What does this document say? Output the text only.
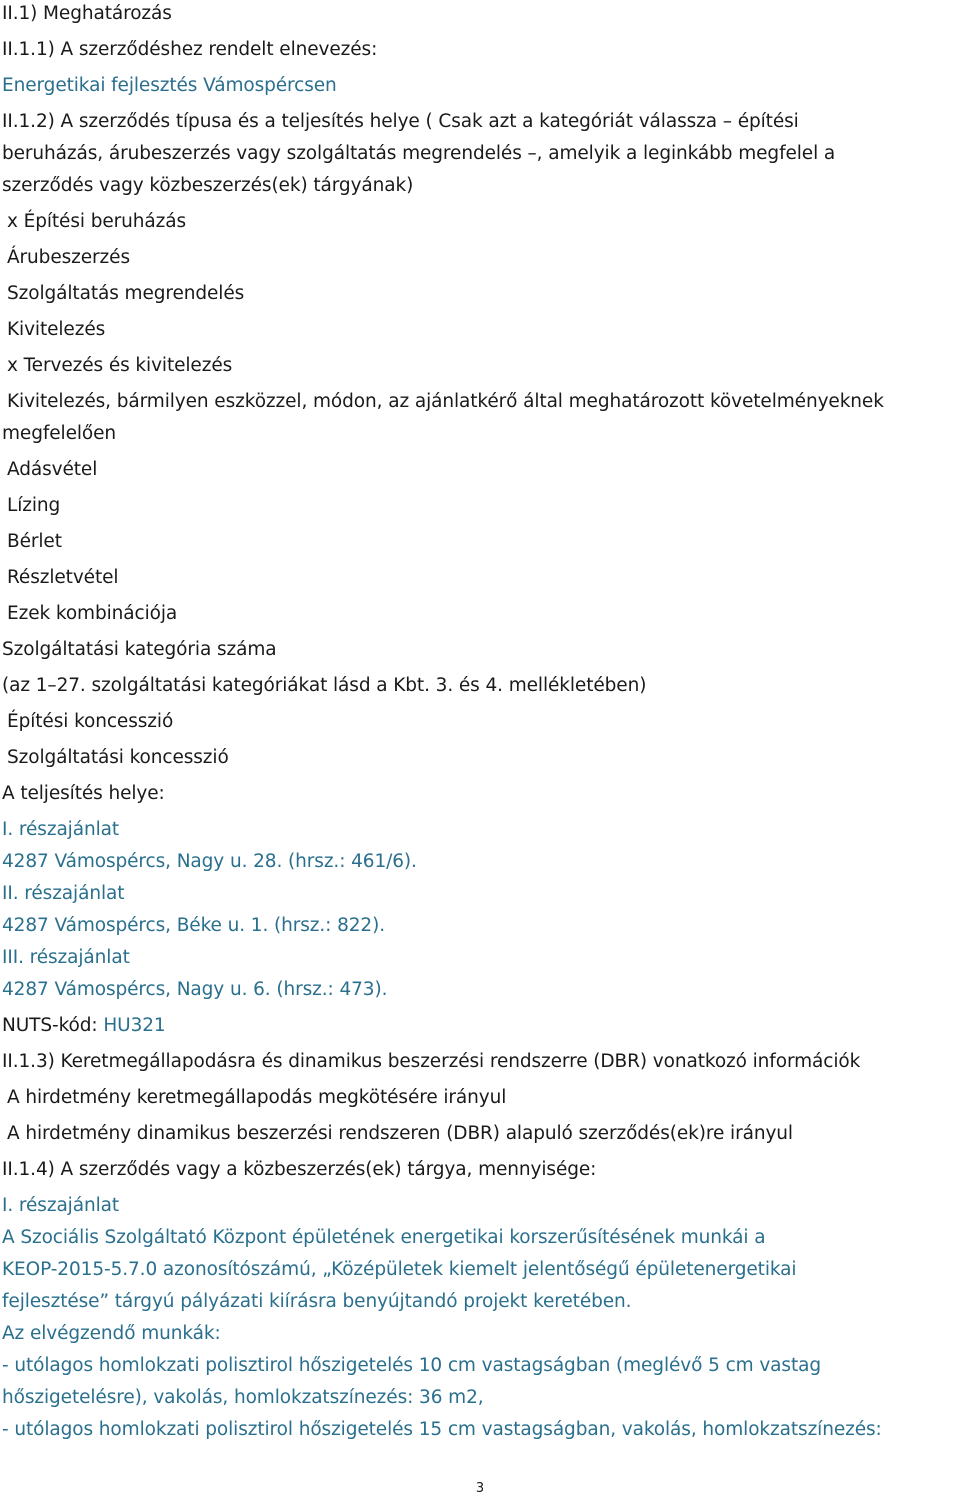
NUTS-kód: HU321
II.1) Meghatározás
II.1.1) A szerződéshez rendelt elnevezés:
Energetikai fejlesztés Vámospércsen
II.1.2) A szerződés típusa és a teljesítés helye ( Csak azt a kategóriát válassza – építési
beruházás, árubeszerzés vagy szolgáltatás megrendelés –, amelyik a leginkább megfelel a
szerződés vagy közbeszerzés(ek) tárgyának)
x Építési beruházás
Árubeszerzés
Szolgáltatás megrendelés
Kivitelezés
x Tervezés és kivitelezés
Kivitelezés, bármilyen eszközzel, módon, az ajánlatkérő által meghatározott követelményeknek
megfelelően
Adásvétel
Lízing
Bérlet
Részletvétel
Ezek kombinációja
Szolgáltatási kategória száma
(az 1–27. szolgáltatási kategóriákat lásd a Kbt. 3. és 4. mellékletében)
Építési koncesszió
Szolgáltatási koncesszió
A teljesítés helye:
I. részajánlat
4287 Vámospércs, Nagy u. 28. (hrsz.: 461/6).
II. részajánlat
4287 Vámospércs, Béke u. 1. (hrsz.: 822).
III. részajánlat
4287 Vámospércs, Nagy u. 6. (hrsz.: 473).
II.1.3) Keretmegállapodásra és dinamikus beszerzési rendszerre (DBR) vonatkozó információk
A hirdetmény keretmegállapodás megkötésére irányul
A hirdetmény dinamikus beszerzési rendszeren (DBR) alapuló szerződés(ek)re irányul
II.1.4) A szerződés vagy a közbeszerzés(ek) tárgya, mennyisége:
I. részajánlat
A Szociális Szolgáltató Központ épületének energetikai korszerűsítésének munkái a
KEOP-2015-5.7.0 azonosítószámú, „Középületek kiemelt jelentőségű épületenergetikai
fejlesztése” tárgyú pályázati kiírásra benyújtandó projekt keretében.
Az elvégzendő munkák:
- utólagos homlokzati polisztirol hőszigetelés 10 cm vastagságban (meglévő 5 cm vastag
hőszigetelésre), vakolás, homlokzatszínezés: 36 m2,
- utólagos homlokzati polisztirol hőszigetelés 15 cm vastagságban, vakolás, homlokzatszínezés:
3
